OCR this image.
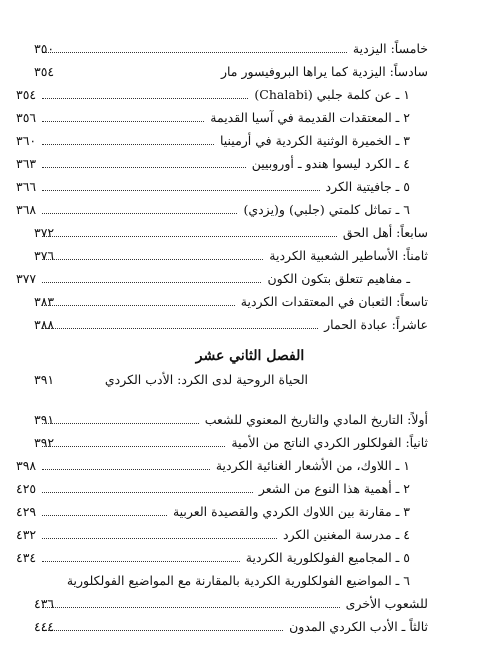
خامساً: اليزدية
٣٥٠
سادساً: اليزدية كما يراها البروفيسور مار
٣٥٤
١ ـ عن كلمة جلبي (Chalabi)
٣٥٤
٢ ـ المعتقدات القديمة في آسيا القديمة
٣٥٦
٣ ـ الخميرة الوثنية الكردية في أرمينيا
٣٦٠
٤ ـ الكرد ليسوا هندو ـ أوروبيين
٣٦٣
٥ ـ جافيتية الكرد
٣٦٦
٦ ـ تماثل كلمتي (جلبي) و(يزدي)
٣٦٨
سابعاً: أهل الحق
٣٧٢
ثامناً: الأساطير الشعبية الكردية
٣٧٦
ـ مفاهيم تتعلق بتكون الكون
٣٧٧
تاسعاً: الثعبان في المعتقدات الكردية
٣٨٣
عاشراً: عبادة الحمار
٣٨٨
الفصل الثاني عشر
الحياة الروحية لدى الكرد: الأدب الكردي
٣٩١
أولاً: التاريخ المادي والتاريخ المعنوي للشعب
٣٩١
ثانياً: الفولكلور الكردي الناتج من الأمية
٣٩٢
١ ـ اللاوك، من الأشعار الغنائية الكردية
٣٩٨
٢ ـ أهمية هذا النوع من الشعر
٤٢٥
٣ ـ مقارنة بين اللاوك الكردي والقصيدة العربية
٤٢٩
٤ ـ مدرسة المغنين الكرد
٤٣٢
٥ ـ المجاميع الفولكلورية الكردية
٤٣٤
٦ ـ المواضيع الفولكلورية الكردية بالمقارنة مع المواضيع الفولكلورية
للشعوب الأخرى
٤٣٦
ثالثاً ـ الأدب الكردي المدون
٤٤٤
